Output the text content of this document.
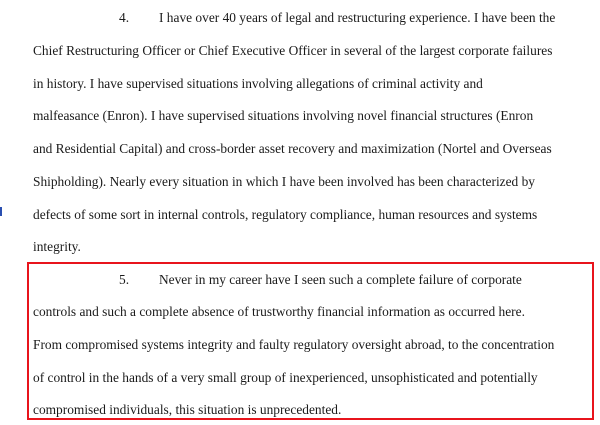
4. I have over 40 years of legal and restructuring experience. I have been the
Chief Restructuring Officer or Chief Executive Officer in several of the largest corporate failures
in history. I have supervised situations involving allegations of criminal activity and
malfeasance (Enron). I have supervised situations involving novel financial structures (Enron
and Residential Capital) and cross-border asset recovery and maximization (Nortel and Overseas
Shipholding). Nearly every situation in which I have been involved has been characterized by
defects of some sort in internal controls, regulatory compliance, human resources and systems
integrity.
5. Never in my career have I seen such a complete failure of corporate
controls and such a complete absence of trustworthy financial information as occurred here.
From compromised systems integrity and faulty regulatory oversight abroad, to the concentration
of control in the hands of a very small group of inexperienced, unsophisticated and potentially
compromised individuals, this situation is unprecedented.
